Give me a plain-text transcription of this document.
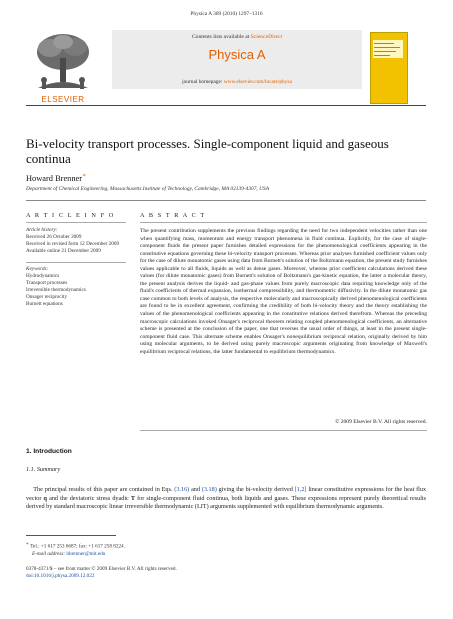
Physica A 389 (2010) 1297–1316
ELSEVIER
Contents lists available at ScienceDirect
Physica A
journal homepage: www.elsevier.com/locate/physa
Bi-velocity transport processes. Single-component liquid and gaseous continua
Howard Brenner∗
Department of Chemical Engineering, Massachusetts Institute of Technology, Cambridge, MA 02139-4307, USA
A R T I C L E I N F O
Article history:
Received 26 October 2009
Received in revised form 12 December 2009
Available online 21 December 2009
Keywords:
Hydrodynamics
Transport processes
Irreversible thermodynamics
Onsager reciprocity
Burnett equations
A B S T R A C T
The present contribution supplements the previous findings regarding the need for two independent velocities rather than one when quantifying mass, momentum and energy transport phenomena in fluid continua. Explicitly, for the case of single-component fluids the present paper furnishes detailed expressions for the phenomenological coefficients appearing in the constitutive equations governing these bi-velocity transport processes. Whereas prior analyses furnished coefficient values only for the case of dilute monatomic gases using data from Burnett's solution of the Boltzmann equation, the present study furnishes values applicable to all fluids, liquids as well as dense gases. Moreover, whereas prior coefficient calculations derived these values (for dilute monatomic gases) from Burnett's solution of Boltzmann's gas-kinetic equation, the latter a molecular theory, the present analysis derives the liquid- and gas-phase values from purely macroscopic data requiring knowledge only of the fluid's coefficients of thermal expansion, isothermal compressibility, and thermometric diffusivity. In the dilute monatomic gas case common to both levels of analysis, the respective molecularly and macroscopically derived phenomenological coefficients are found to be in excellent agreement, confirming the credibility of both bi-velocity theory and the theory establishing the values of the phenomenological coefficients appearing in the constitutive relations derived therefrom. Whereas the preceding macroscopic calculations invoked Onsager's reciprocal theorem relating coupled phenomenological coefficients, an alternative scheme is presented at the conclusion of the paper, one that reverses the usual order of things, at least in the present single-component fluid case. This alternate scheme enables Onsager's nonequilibrium reciprocal relation, originally derived by him using molecular arguments, to be derived using purely macroscopic arguments originating from knowledge of Maxwell's equilibrium reciprocal relations, the latter fundamental to equilibrium thermodynamics.
© 2009 Elsevier B.V. All rights reserved.
1. Introduction
1.1. Summary
The principal results of this paper are contained in Eqs. (3.16) and (3.18) giving the bi-velocity derived [1,2] linear constitutive expressions for the heat flux vector q and the deviatoric stress dyadic T for single-component fluid continua, both liquids and gases. These expressions represent purely theoretical results derived by standard macroscopic linear irreversible thermodynamic (LIT) arguments supplemented with equilibrium thermodynamic arguments.
∗ Tel.: +1 617 253 6687; fax: +1 617 258 8224.
E-mail address: hbrenner@mit.edu
0378-4371/$ – see front matter © 2009 Elsevier B.V. All rights reserved.
doi:10.1016/j.physa.2009.12.022
